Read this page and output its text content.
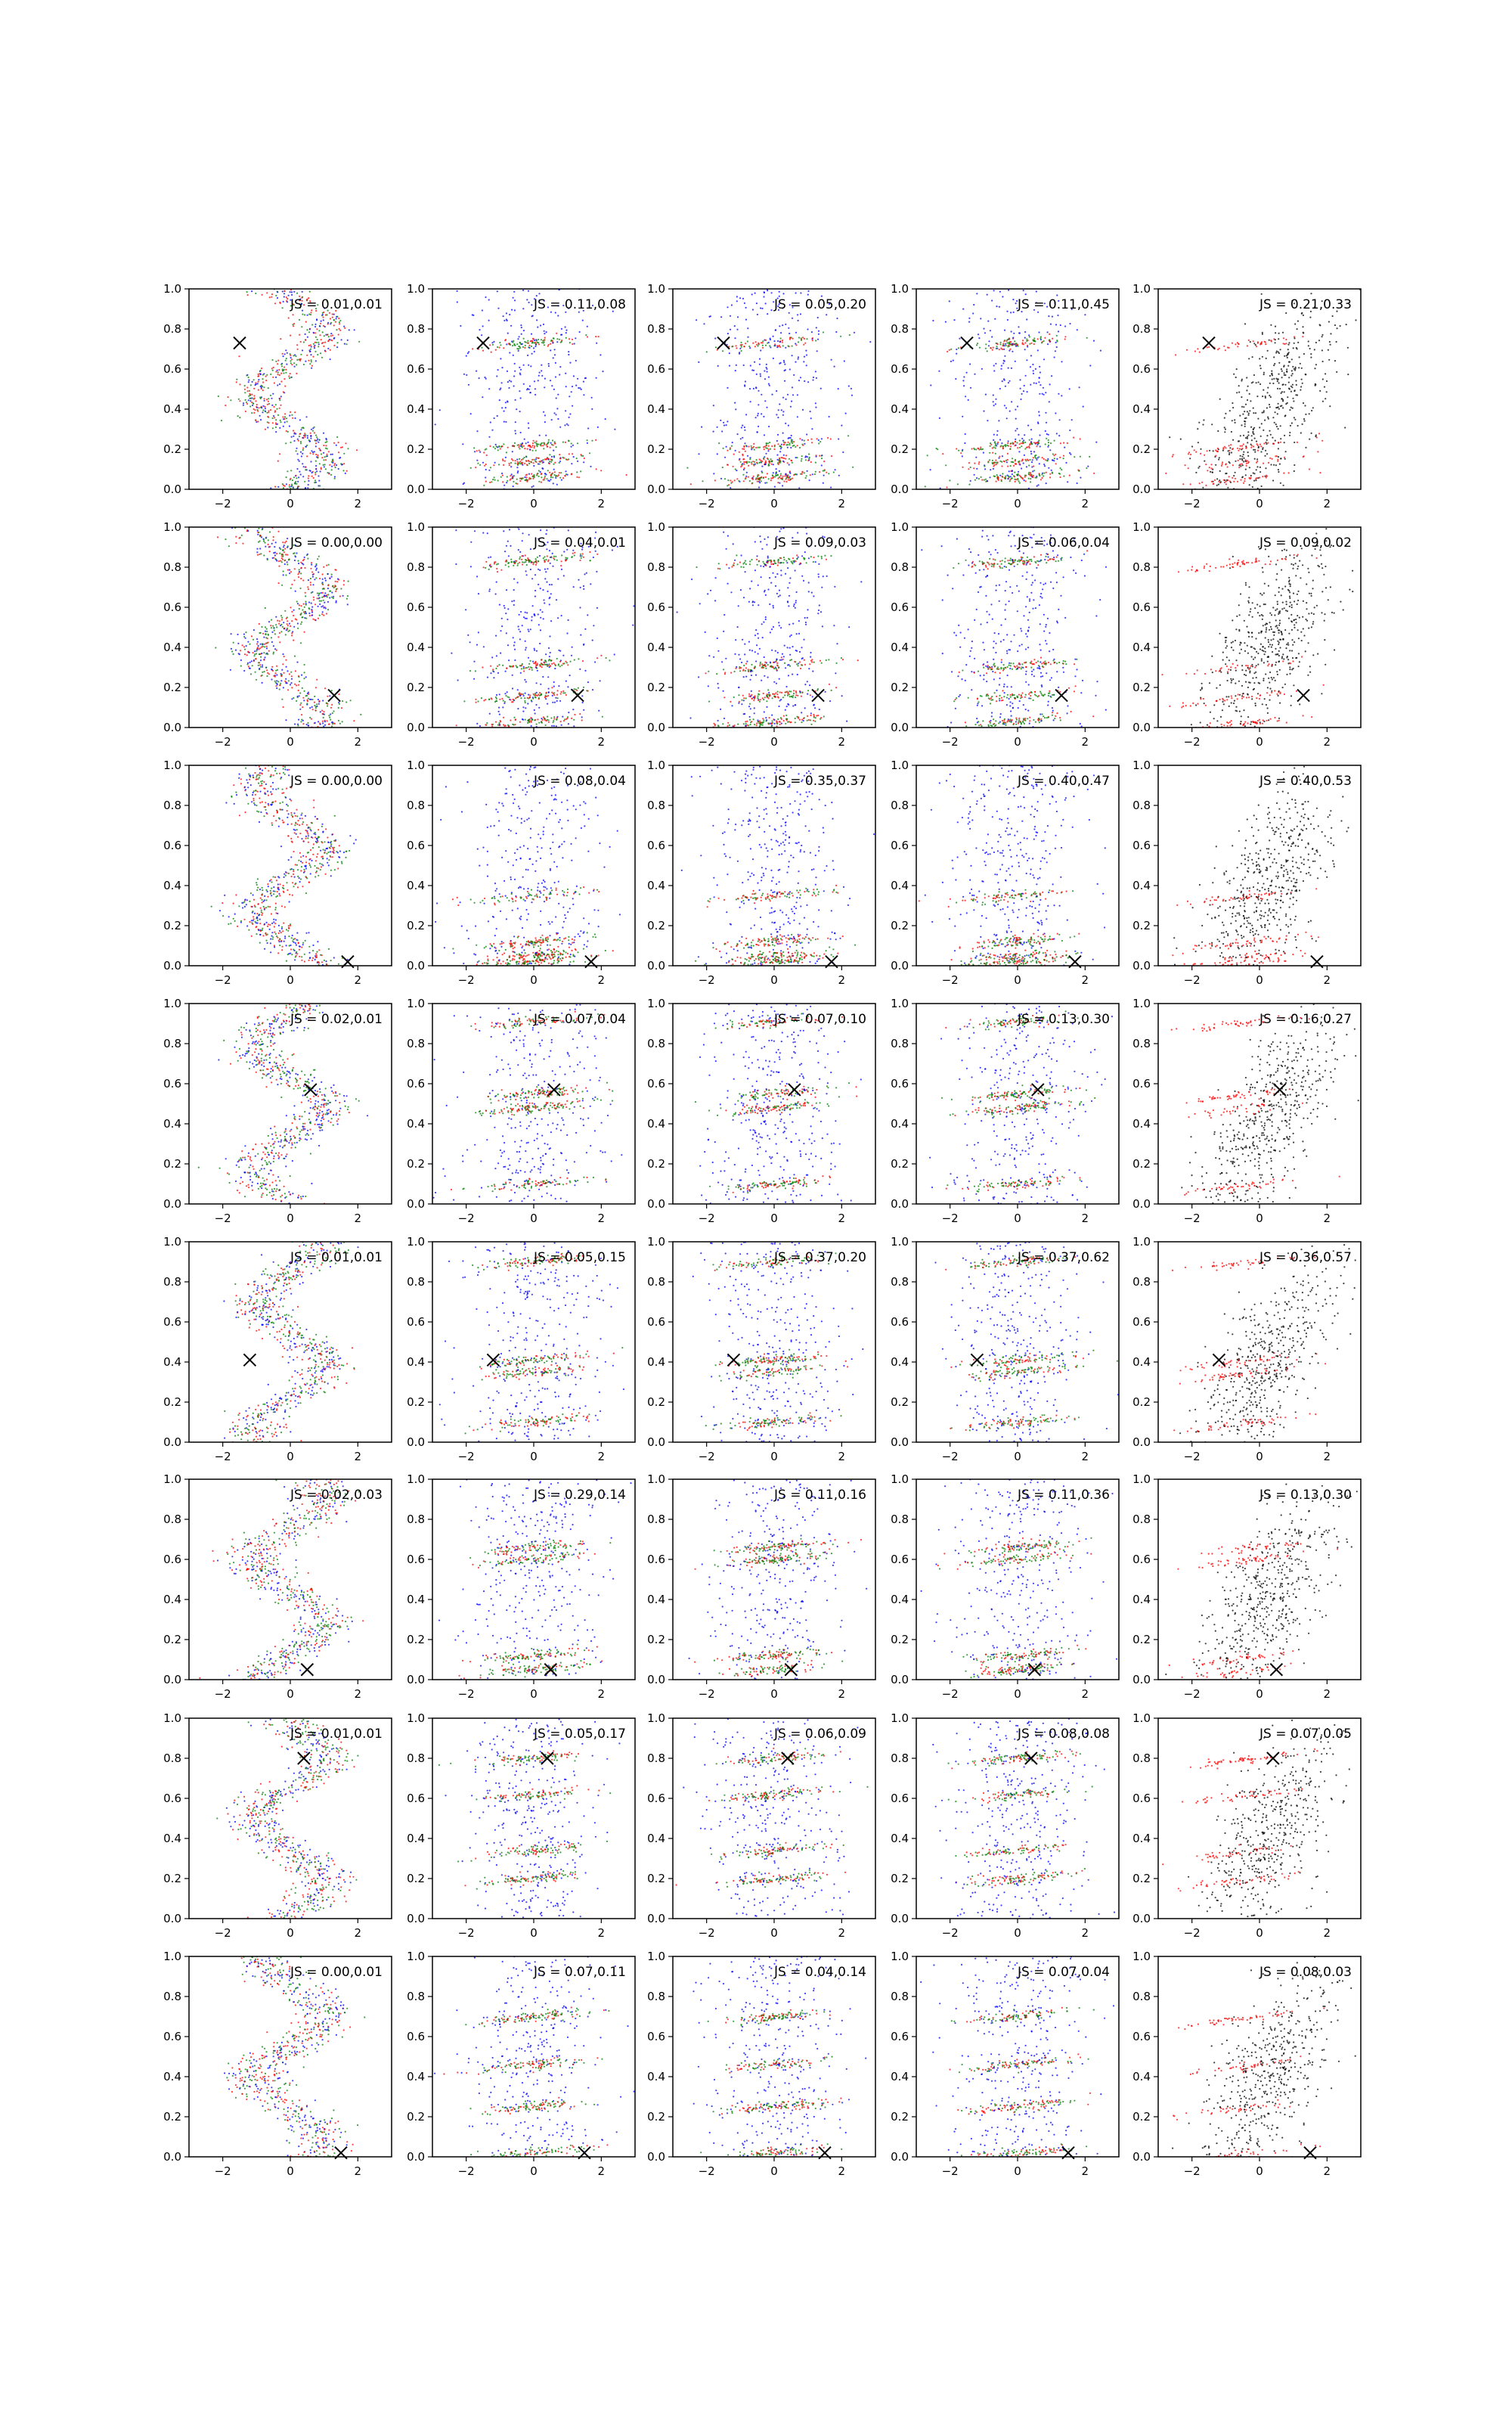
0.0
0.2
0.4
0.6
0.8
1.0
−2	0	2
JS = 0.01,0.01
0.0
0.2
0.4
0.6
0.8
1.0
−2	0	2
JS = 0.11,0.08
0.0
0.2
0.4
0.6
0.8
1.0
−2	0	2
JS = 0.05,0.20
0.0
0.2
0.4
0.6
0.8
1.0
−2	0	2
JS = 0.11,0.45
0.0
0.2
0.4
0.6
0.8
1.0
−2	0	2
JS = 0.21,0.33
0.0
0.2
0.4
0.6
0.8
1.0
−2	0	2
JS = 0.00,0.00
0.0
0.2
0.4
0.6
0.8
1.0
−2	0	2
JS = 0.04,0.01
0.0
0.2
0.4
0.6
0.8
1.0
−2	0	2
JS = 0.09,0.03
0.0
0.2
0.4
0.6
0.8
1.0
−2	0	2
JS = 0.06,0.04
0.0
0.2
0.4
0.6
0.8
1.0
−2	0	2
JS = 0.09,0.02
0.0
0.2
0.4
0.6
0.8
1.0
−2	0	2
JS = 0.00,0.00
0.0
0.2
0.4
0.6
0.8
1.0
−2	0	2
JS = 0.08,0.04
0.0
0.2
0.4
0.6
0.8
1.0
−2	0	2
JS = 0.35,0.37
0.0
0.2
0.4
0.6
0.8
1.0
−2	0	2
JS = 0.40,0.47
0.0
0.2
0.4
0.6
0.8
1.0
−2	0	2
JS = 0.40,0.53
0.0
0.2
0.4
0.6
0.8
1.0
−2	0	2
JS = 0.02,0.01
0.0
0.2
0.4
0.6
0.8
1.0
−2	0	2
JS = 0.07,0.04
0.0
0.2
0.4
0.6
0.8
1.0
−2	0	2
JS = 0.07,0.10
0.0
0.2
0.4
0.6
0.8
1.0
−2	0	2
JS = 0.13,0.30
0.0
0.2
0.4
0.6
0.8
1.0
−2	0	2
JS = 0.16,0.27
0.0
0.2
0.4
0.6
0.8
1.0
−2	0	2
JS = 0.01,0.01
0.0
0.2
0.4
0.6
0.8
1.0
−2	0	2
JS = 0.05,0.15
0.0
0.2
0.4
0.6
0.8
1.0
−2	0	2
JS = 0.37,0.20
0.0
0.2
0.4
0.6
0.8
1.0
−2	0	2
JS = 0.37,0.62
0.0
0.2
0.4
0.6
0.8
1.0
−2	0	2
JS = 0.36,0.57
0.0
0.2
0.4
0.6
0.8
1.0
−2	0	2
JS = 0.02,0.03
0.0
0.2
0.4
0.6
0.8
1.0
−2	0	2
JS = 0.29,0.14
0.0
0.2
0.4
0.6
0.8
1.0
−2	0	2
JS = 0.11,0.16
0.0
0.2
0.4
0.6
0.8
1.0
−2	0	2
JS = 0.11,0.36
0.0
0.2
0.4
0.6
0.8
1.0
−2	0	2
JS = 0.13,0.30
0.0
0.2
0.4
0.6
0.8
1.0
−2	0	2
JS = 0.01,0.01
0.0
0.2
0.4
0.6
0.8
1.0
−2	0	2
JS = 0.05,0.17
0.0
0.2
0.4
0.6
0.8
1.0
−2	0	2
JS = 0.06,0.09
0.0
0.2
0.4
0.6
0.8
1.0
−2	0	2
JS = 0.08,0.08
0.0
0.2
0.4
0.6
0.8
1.0
−2	0	2
JS = 0.07,0.05
0.0
0.2
0.4
0.6
0.8
1.0
−2	0	2
JS = 0.00,0.01
0.0
0.2
0.4
0.6
0.8
1.0
−2	0	2
JS = 0.07,0.11
0.0
0.2
0.4
0.6
0.8
1.0
−2	0	2
JS = 0.04,0.14
0.0
0.2
0.4
0.6
0.8
1.0
−2	0	2
JS = 0.07,0.04
0.0
0.2
0.4
0.6
0.8
1.0
−2	0	2
JS = 0.08,0.03
